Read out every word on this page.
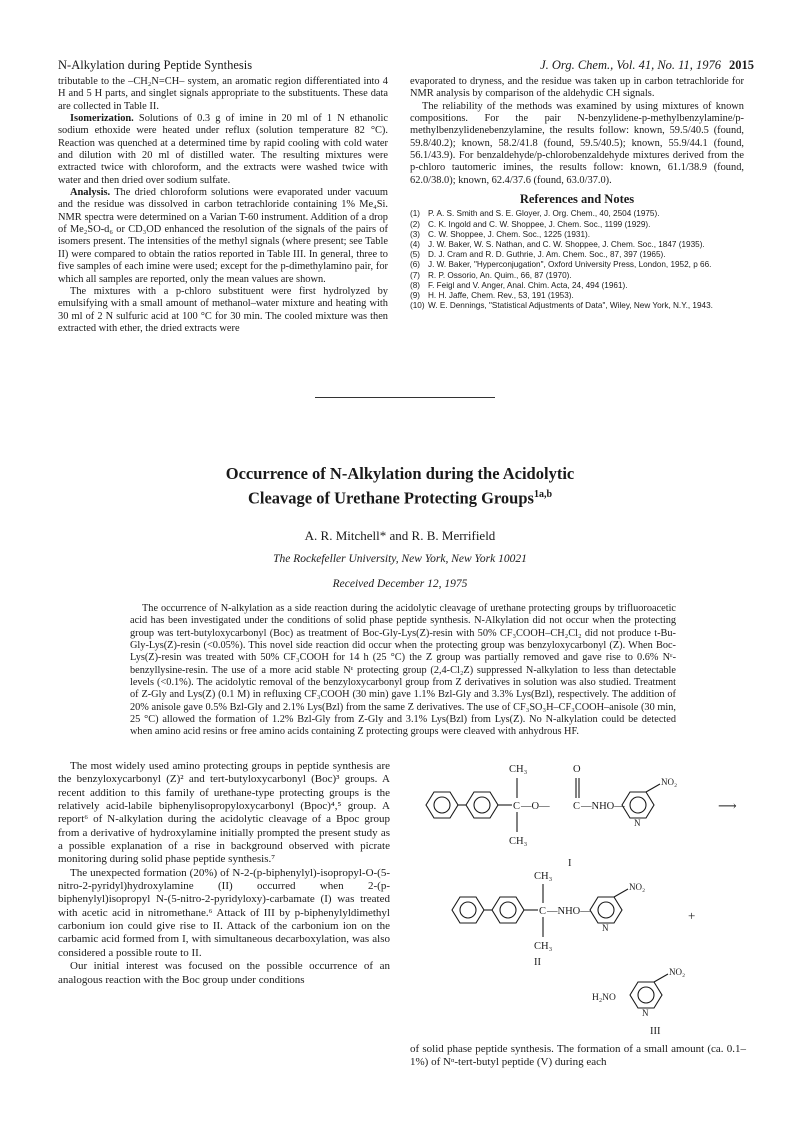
N-Alkylation during Peptide Synthesis	J. Org. Chem., Vol. 41, No. 11, 1976 2015

tributable to the –CH₂N=CH– system, an aromatic region differentiated into 4 H and 5 H parts, and singlet signals appropriate to the substituents. These data are collected in Table II.

Isomerization. Solutions of 0.3 g of imine in 20 ml of 1 N ethanolic sodium ethoxide were heated under reflux (solution temperature 82 °C). Reaction was quenched at a determined time by rapid cooling with cold water and dilution with 20 ml of distilled water. The resulting mixtures were extracted twice with chloroform, and the extracts were washed twice with water and then dried over sodium sulfate.

Analysis. The dried chloroform solutions were evaporated under vacuum and the residue was dissolved in carbon tetrachloride containing 1% Me₄Si. NMR spectra were determined on a Varian T-60 instrument. Addition of a drop of Me₂SO-d₆ or CD₃OD enhanced the resolution of the signals of the pairs of isomers present. The intensities of the methyl signals (where present; see Table II) were compared to obtain the ratios reported in Table III. In general, three to five samples of each imine were used; except for the p-dimethylamino pair, for which all samples are reported, only the mean values are shown.

The mixtures with a p-chloro substituent were first hydrolyzed by emulsifying with a small amount of methanol–water mixture and heating with 30 ml of 2 N sulfuric acid at 100 °C for 30 min. The cooled mixture was then extracted with ether, the dried extracts were

evaporated to dryness, and the residue was taken up in carbon tetrachloride for NMR analysis by comparison of the aldehydic CH signals.

The reliability of the methods was examined by using mixtures of known compositions. For the pair N-benzylidene-p-methylbenzylamine/p-methylbenzylidenebenzylamine, the results follow: known, 59.5/40.5 (found, 59.8/40.2); known, 58.2/41.8 (found, 59.5/40.5); known, 55.9/44.1 (found, 56.1/43.9). For benzaldehyde/p-chlorobenzaldehyde mixtures derived from the p-chloro tautomeric imines, the results follow: known, 61.1/38.9 (found, 62.0/38.0); known, 62.4/37.6 (found, 63.0/37.0).

References and Notes
(1) P. A. S. Smith and S. E. Gloyer, J. Org. Chem., 40, 2504 (1975).
(2) C. K. Ingold and C. W. Shoppee, J. Chem. Soc., 1199 (1929).
(3) C. W. Shoppee, J. Chem. Soc., 1225 (1931).
(4) J. W. Baker, W. S. Nathan, and C. W. Shoppee, J. Chem. Soc., 1847 (1935).
(5) D. J. Cram and R. D. Guthrie, J. Am. Chem. Soc., 87, 397 (1965).
(6) J. W. Baker, "Hyperconjugation", Oxford University Press, London, 1952, p 66.
(7) R. P. Ossorio, An. Quim., 66, 87 (1970).
(8) F. Feigl and V. Anger, Anal. Chim. Acta, 24, 494 (1961).
(9) H. H. Jaffe, Chem. Rev., 53, 191 (1953).
(10) W. E. Dennings, "Statistical Adjustments of Data", Wiley, New York, N.Y., 1943.
Occurrence of N-Alkylation during the Acidolytic
Cleavage of Urethane Protecting Groups$^{1a,b}$
A. R. Mitchell* and R. B. Merrifield
The Rockefeller University, New York, New York 10021
Received December 12, 1975
The occurrence of N-alkylation as a side reaction during the acidolytic cleavage of urethane protecting groups by trifluoroacetic acid has been investigated under the conditions of solid phase peptide synthesis. N-Alkylation did not occur when the protecting group was tert-butyloxycarbonyl (Boc) as treatment of Boc-Gly-Lys(Z)-resin with 50% CF₃COOH–CH₂Cl₂ did not produce t-Bu-Gly-Lys(Z)-resin (<0.05%). This novel side reaction did occur when the protecting group was benzyloxycarbonyl (Z). When Boc-Lys(Z)-resin was treated with 50% CF₃COOH for 14 h (25 °C) the Z group was partially removed and gave rise to 0.6% Nᵋ-benzyllysine-resin. The use of a more acid stable Nᵋ protecting group (2,4-Cl₂Z) suppressed N-alkylation to less than detectable levels (<0.1%). The acidolytic removal of the benzyloxycarbonyl group from Z derivatives in solution was also studied. Treatment of Z-Gly and Lys(Z) (0.1 M) in refluxing CF₃COOH (30 min) gave 1.1% Bzl-Gly and 3.3% Lys(Bzl), respectively. The addition of 20% anisole gave 0.5% Bzl-Gly and 2.1% Lys(Bzl) from the same Z derivatives. The use of CF₃SO₃H–CF₃COOH–anisole (30 min, 25 °C) allowed the formation of 1.2% Bzl-Gly from Z-Gly and 3.1% Lys(Bzl) from Lys(Z). No N-alkylation could be detected when amino acid resins or free amino acids containing Z protecting groups were cleaved with anhydrous HF.

The most widely used amino protecting groups in peptide synthesis are the benzyloxycarbonyl (Z)² and tert-butyloxycarbonyl (Boc)³ groups. A recent addition to this family of urethane-type protecting groups is the relatively acid-labile biphenylisopropyloxycarbonyl (Bpoc)⁴,⁵ group. A report⁶ of N-alkylation during the acidolytic cleavage of a Bpoc group from a derivative of hydroxylamine initially prompted the present study as a possible explanation of a rise in background observed with picrate monitoring during solid phase peptide synthesis.⁷

The unexpected formation (20%) of N-2-(p-biphenylyl)-isopropyl-O-(5-nitro-2-pyridyl)hydroxylamine (II) occurred when 2-(p-biphenylyl)isopropyl N-(5-nitro-2-pyridyloxy)-carbamate (I) was treated with acetic acid in nitromethane.⁶ Attack of III by p-biphenylyldimethyl carbonium ion could give rise to II. Attack of the carbonium ion on the carbamic acid formed from I, with simultaneous decarboxylation, was also considered a possible route to II.

Our initial interest was focused on the possible occurrence of an analogous reaction with the Boc group under conditions

CH₃	O
C —O— C —NHO—
CH₃
NO₂
N
⟶
I
CH₃
C —NHO—
CH₃
NO₂
N
+
II
NO₂
H₂NO
N
III

of solid phase peptide synthesis. The formation of a small amount (ca. 0.1–1%) of Nᵅ-tert-butyl peptide (V) during each
